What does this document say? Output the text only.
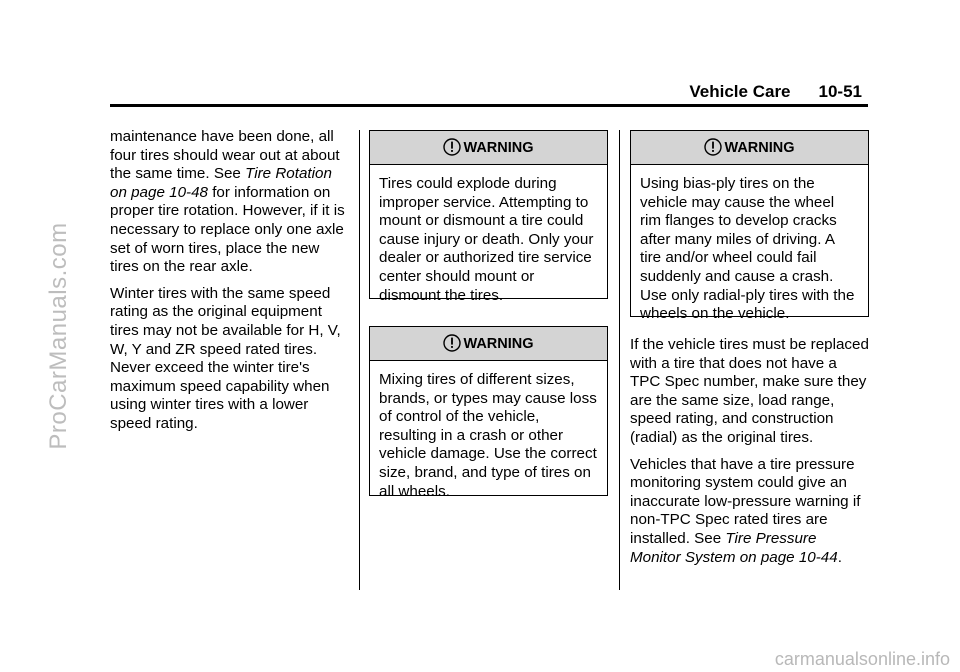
ProCarManuals.com
Vehicle Care 10-51

maintenance have been done, all four tires should wear out at about the same time. See Tire Rotation on page 10-48 for information on proper tire rotation. However, if it is necessary to replace only one axle set of worn tires, place the new tires on the rear axle.

Winter tires with the same speed rating as the original equipment tires may not be available for H, V, W, Y and ZR speed rated tires. Never exceed the winter tire's maximum speed capability when using winter tires with a lower speed rating.

WARNING
Tires could explode during improper service. Attempting to mount or dismount a tire could cause injury or death. Only your dealer or authorized tire service center should mount or dismount the tires.
WARNING
Mixing tires of different sizes, brands, or types may cause loss of control of the vehicle, resulting in a crash or other vehicle damage. Use the correct size, brand, and type of tires on all wheels.
WARNING
Using bias-ply tires on the vehicle may cause the wheel rim flanges to develop cracks after many miles of driving. A tire and/or wheel could fail suddenly and cause a crash. Use only radial-ply tires with the wheels on the vehicle.

If the vehicle tires must be replaced with a tire that does not have a TPC Spec number, make sure they are the same size, load range, speed rating, and construction (radial) as the original tires.

Vehicles that have a tire pressure monitoring system could give an inaccurate low-pressure warning if non-TPC Spec rated tires are installed. See Tire Pressure Monitor System on page 10-44.

carmanualsonline.info
